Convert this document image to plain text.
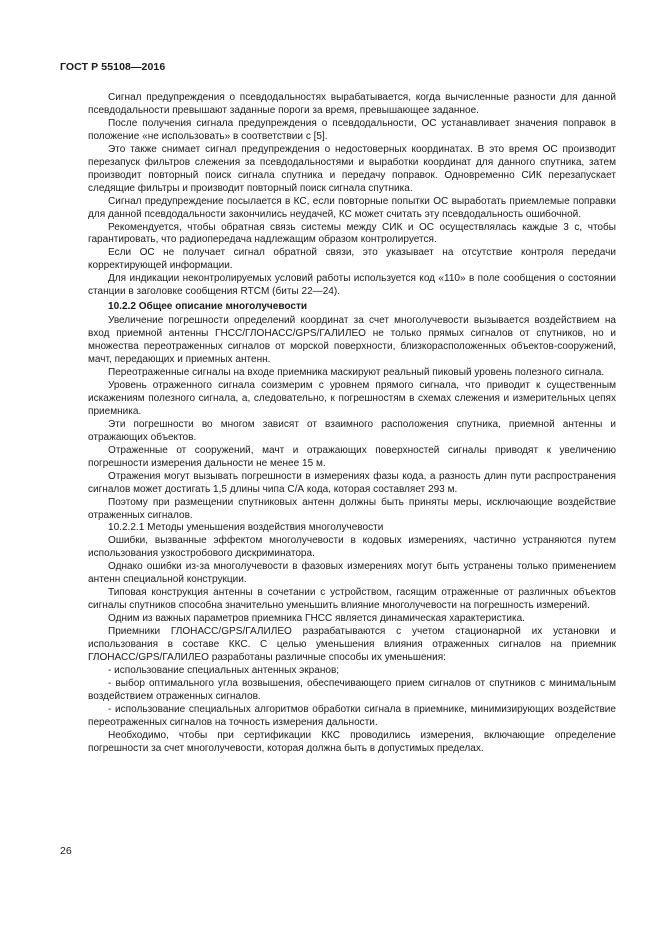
ГОСТ Р 55108—2016

Сигнал предупреждения о псевдодальностях вырабатывается, когда вычисленные разности для данной псевдодальности превышают заданные пороги за время, превышающее заданное.

После получения сигнала предупреждения о псевдодальности, ОС устанавливает значения поправок в положение «не использовать» в соответствии с [5].

Это также снимает сигнал предупреждения о недостоверных координатах. В это время ОС производит перезапуск фильтров слежения за псевдодальностями и выработки координат для данного спутника, затем производит повторный поиск сигнала спутника и передачу поправок. Одновременно СИК перезапускает следящие фильтры и производит повторный поиск сигнала спутника.

Сигнал предупреждение посылается в КС, если повторные попытки ОС выработать приемлемые поправки для данной псевдодальности закончились неудачей, КС может считать эту псевдодальность ошибочной.

Рекомендуется, чтобы обратная связь системы между СИК и ОС осуществлялась каждые 3 с, чтобы гарантировать, что радиопередача надлежащим образом контролируется.

Если ОС не получает сигнал обратной связи, это указывает на отсутствие контроля передачи корректирующей информации.

Для индикации неконтролируемых условий работы используется код «110» в поле сообщения о состоянии станции в заголовке сообщения RTCM (биты 22—24).

10.2.2 Общее описание многолучевости

Увеличение погрешности определений координат за счет многолучевости вызывается воздействием на вход приемной антенны ГНСС/ГЛОНАСС/GPS/ГАЛИЛЕО не только прямых сигналов от спутников, но и множества переотраженных сигналов от морской поверхности, близкорасположенных объектов-сооружений, мачт, передающих и приемных антенн.

Переотраженные сигналы на входе приемника маскируют реальный пиковый уровень полезного сигнала.

Уровень отраженного сигнала соизмерим с уровнем прямого сигнала, что приводит к существенным искажениям полезного сигнала, а, следовательно, к погрешностям в схемах слежения и измерительных цепях приемника.

Эти погрешности во многом зависят от взаимного расположения спутника, приемной антенны и отражающих объектов.

Отраженные от сооружений, мачт и отражающих поверхностей сигналы приводят к увеличению погрешности измерения дальности не менее 15 м.

Отражения могут вызывать погрешности в измерениях фазы кода, а разность длин пути распространения сигналов может достигать 1,5 длины чипа С/А кода, которая составляет 293 м.

Поэтому при размещении спутниковых антенн должны быть приняты меры, исключающие воздействие отраженных сигналов.

10.2.2.1 Методы уменьшения воздействия многолучевости

Ошибки, вызванные эффектом многолучевости в кодовых измерениях, частично устраняются путем использования узкостробового дискриминатора.

Однако ошибки из-за многолучевости в фазовых измерениях могут быть устранены только применением антенн специальной конструкции.

Типовая конструкция антенны в сочетании с устройством, гасящим отраженные от различных объектов сигналы спутников способна значительно уменьшить влияние многолучевости на погрешность измерений.

Одним из важных параметров приемника ГНСС является динамическая характеристика.

Приемники ГЛОНАСС/GPS/ГАЛИЛЕО разрабатываются с учетом стационарной их установки и использования в составе ККС. С целью уменьшения влияния отраженных сигналов на приемник ГЛОНАСС/GPS/ГАЛИЛЕО разработаны различные способы их уменьшения:

- использование специальных антенных экранов;

- выбор оптимального угла возвышения, обеспечивающего прием сигналов от спутников с минимальным воздействием отраженных сигналов.

- использование специальных алгоритмов обработки сигнала в приемнике, минимизирующих воздействие переотраженных сигналов на точность измерения дальности.

Необходимо, чтобы при сертификации ККС проводились измерения, включающие определение погрешности за счет многолучевости, которая должна быть в допустимых пределах.

26
